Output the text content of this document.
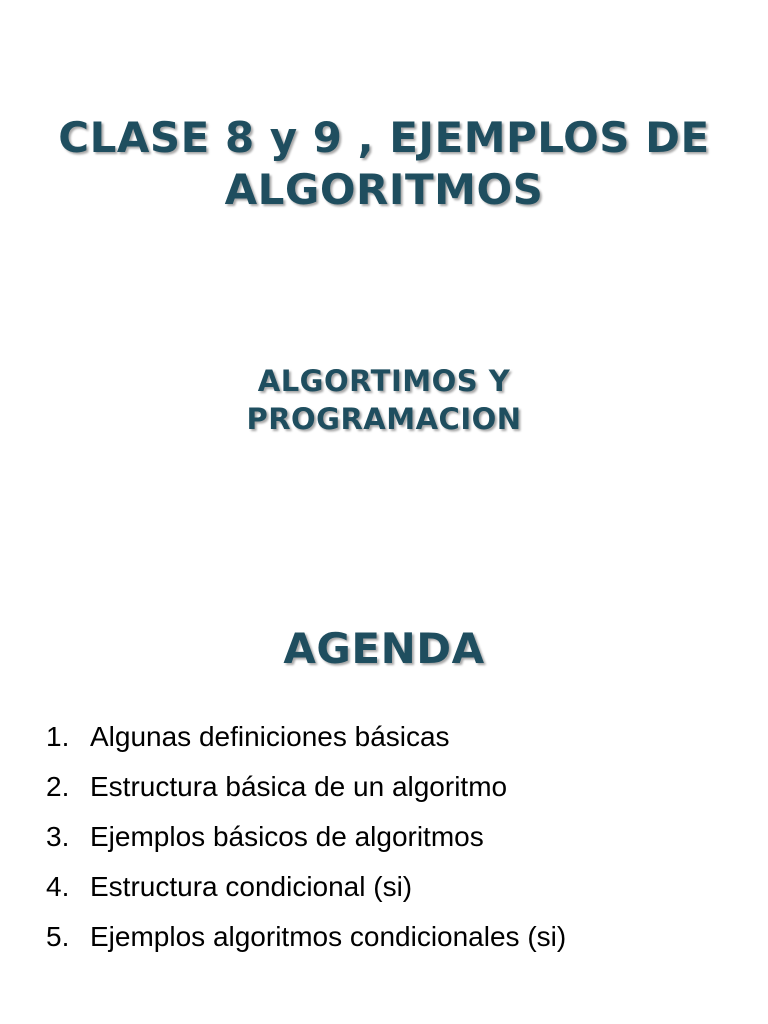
CLASE 8 y 9 , EJEMPLOS DE
ALGORITMOS
ALGORTIMOS Y
PROGRAMACION
AGENDA
1. Algunas definiciones básicas
2. Estructura básica de un algoritmo
3. Ejemplos básicos de algoritmos
4. Estructura condicional (si)
5. Ejemplos algoritmos condicionales (si)
